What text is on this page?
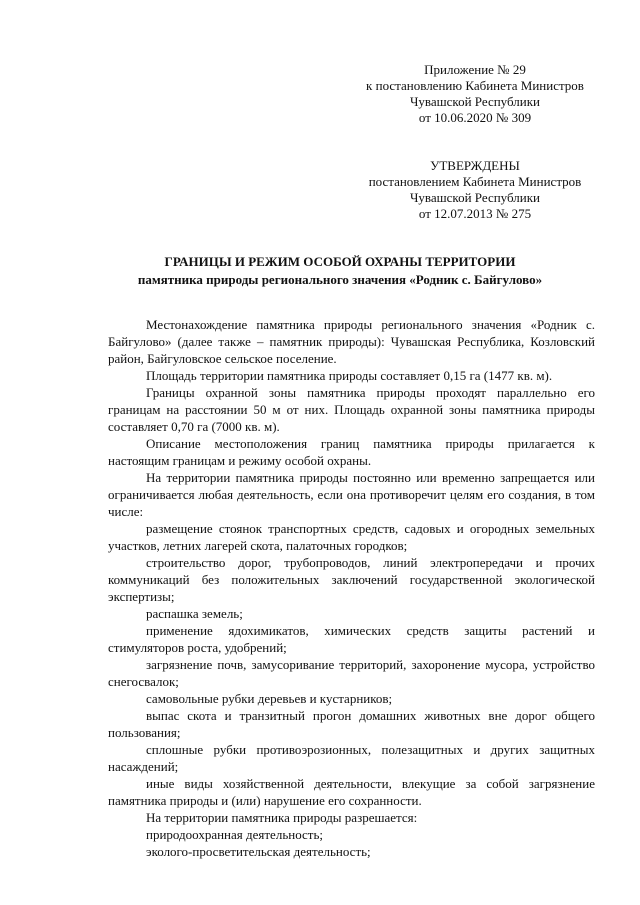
Приложение № 29
к постановлению Кабинета Министров
Чувашской Республики
от 10.06.2020 № 309
УТВЕРЖДЕНЫ
постановлением Кабинета Министров
Чувашской Республики
от 12.07.2013 № 275
ГРАНИЦЫ И РЕЖИМ ОСОБОЙ ОХРАНЫ ТЕРРИТОРИИ
памятника природы регионального значения «Родник с. Байгулово»

Местонахождение памятника природы регионального значения «Родник с. Байгулово» (далее также – памятник природы): Чувашская Республика, Козловский район, Байгуловское сельское поселение.

Площадь территории памятника природы составляет 0,15 га (1477 кв. м).

Границы охранной зоны памятника природы проходят параллельно его границам на расстоянии 50 м от них. Площадь охранной зоны памятника природы составляет 0,70 га (7000 кв. м).

Описание местоположения границ памятника природы прилагается к настоящим границам и режиму особой охраны.

На территории памятника природы постоянно или временно запрещается или ограничивается любая деятельность, если она противоречит целям его создания, в том числе:

размещение стоянок транспортных средств, садовых и огородных земельных участков, летних лагерей скота, палаточных городков;

строительство дорог, трубопроводов, линий электропередачи и прочих коммуникаций без положительных заключений государственной экологической экспертизы;

распашка земель;

применение ядохимикатов, химических средств защиты растений и стимуляторов роста, удобрений;

загрязнение почв, замусоривание территорий, захоронение мусора, устройство снегосвалок;

самовольные рубки деревьев и кустарников;

выпас скота и транзитный прогон домашних животных вне дорог общего пользования;

сплошные рубки противоэрозионных, полезащитных и других защитных насаждений;

иные виды хозяйственной деятельности, влекущие за собой загрязнение памятника природы и (или) нарушение его сохранности.

На территории памятника природы разрешается:

природоохранная деятельность;

эколого-просветительская деятельность;
